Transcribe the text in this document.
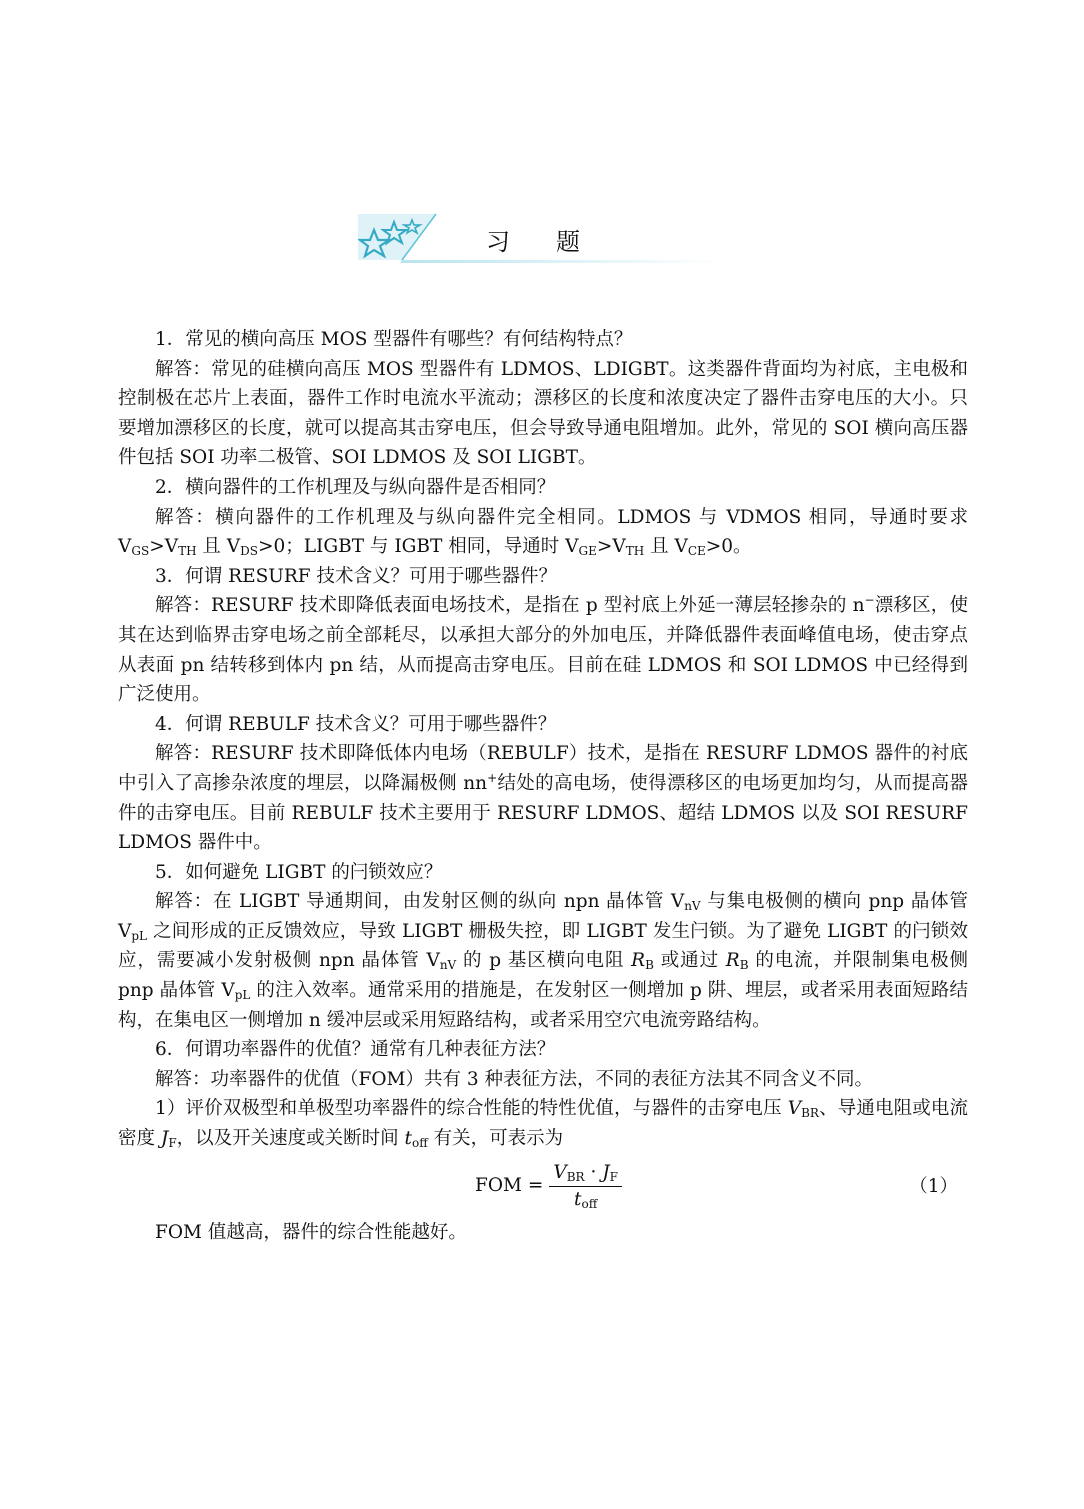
习题

1．常见的横向高压 MOS 型器件有哪些？有何结构特点？

解答：常见的硅横向高压 MOS 型器件有 LDMOS、LDIGBT。这类器件背面均为衬底，主电极和控制极在芯片上表面，器件工作时电流水平流动；漂移区的长度和浓度决定了器件击穿电压的大小。只要增加漂移区的长度，就可以提高其击穿电压，但会导致导通电阻增加。此外，常见的 SOI 横向高压器件包括 SOI 功率二极管、SOI LDMOS 及 SOI LIGBT。

2．横向器件的工作机理及与纵向器件是否相同？

解答：横向器件的工作机理及与纵向器件完全相同。LDMOS 与 VDMOS 相同，导通时要求 $V_{GS}>V_{TH}$ 且 $V_{DS}>0$；LIGBT 与 IGBT 相同，导通时 $V_{GE}>V_{TH}$ 且 $V_{CE}>0$。

3．何谓 RESURF 技术含义？可用于哪些器件？

解答：RESURF 技术即降低表面电场技术，是指在 p 型衬底上外延一薄层轻掺杂的 n−漂移区，使其在达到临界击穿电场之前全部耗尽，以承担大部分的外加电压，并降低器件表面峰值电场，使击穿点从表面 pn 结转移到体内 pn 结，从而提高击穿电压。目前在硅 LDMOS 和 SOI LDMOS 中已经得到广泛使用。

4．何谓 REBULF 技术含义？可用于哪些器件？

解答：RESURF 技术即降低体内电场（REBULF）技术，是指在 RESURF LDMOS 器件的衬底中引入了高掺杂浓度的埋层，以降漏极侧 nn+结处的高电场，使得漂移区的电场更加均匀，从而提高器件的击穿电压。目前 REBULF 技术主要用于 RESURF LDMOS、超结 LDMOS 以及 SOI RESURF LDMOS 器件中。

5．如何避免 LIGBT 的闩锁效应？

解答：在 LIGBT 导通期间，由发射区侧的纵向 npn 晶体管 $V_{nV}$ 与集电极侧的横向 pnp 晶体管 $V_{pL}$ 之间形成的正反馈效应，导致 LIGBT 栅极失控，即 LIGBT 发生闩锁。为了避免 LIGBT 的闩锁效应，需要减小发射极侧 npn 晶体管 $V_{nV}$ 的 p 基区横向电阻 $R_B$ 或通过 $R_B$ 的电流，并限制集电极侧 pnp 晶体管 $V_{pL}$ 的注入效率。通常采用的措施是，在发射区一侧增加 p 阱、埋层，或者采用表面短路结构，在集电区一侧增加 n 缓冲层或采用短路结构，或者采用空穴电流旁路结构。

6．何谓功率器件的优值？通常有几种表征方法？

解答：功率器件的优值（FOM）共有 3 种表征方法，不同的表征方法其不同含义不同。

1）评价双极型和单极型功率器件的综合性能的特性优值，与器件的击穿电压 $V_{BR}$、导通电阻或电流密度 $J_F$，以及开关速度或关断时间 $t_{off}$ 有关，可表示为

FOM = $\frac{V_{BR} \cdot J_F}{t_{off}}$	（1）

FOM 值越高，器件的综合性能越好。
